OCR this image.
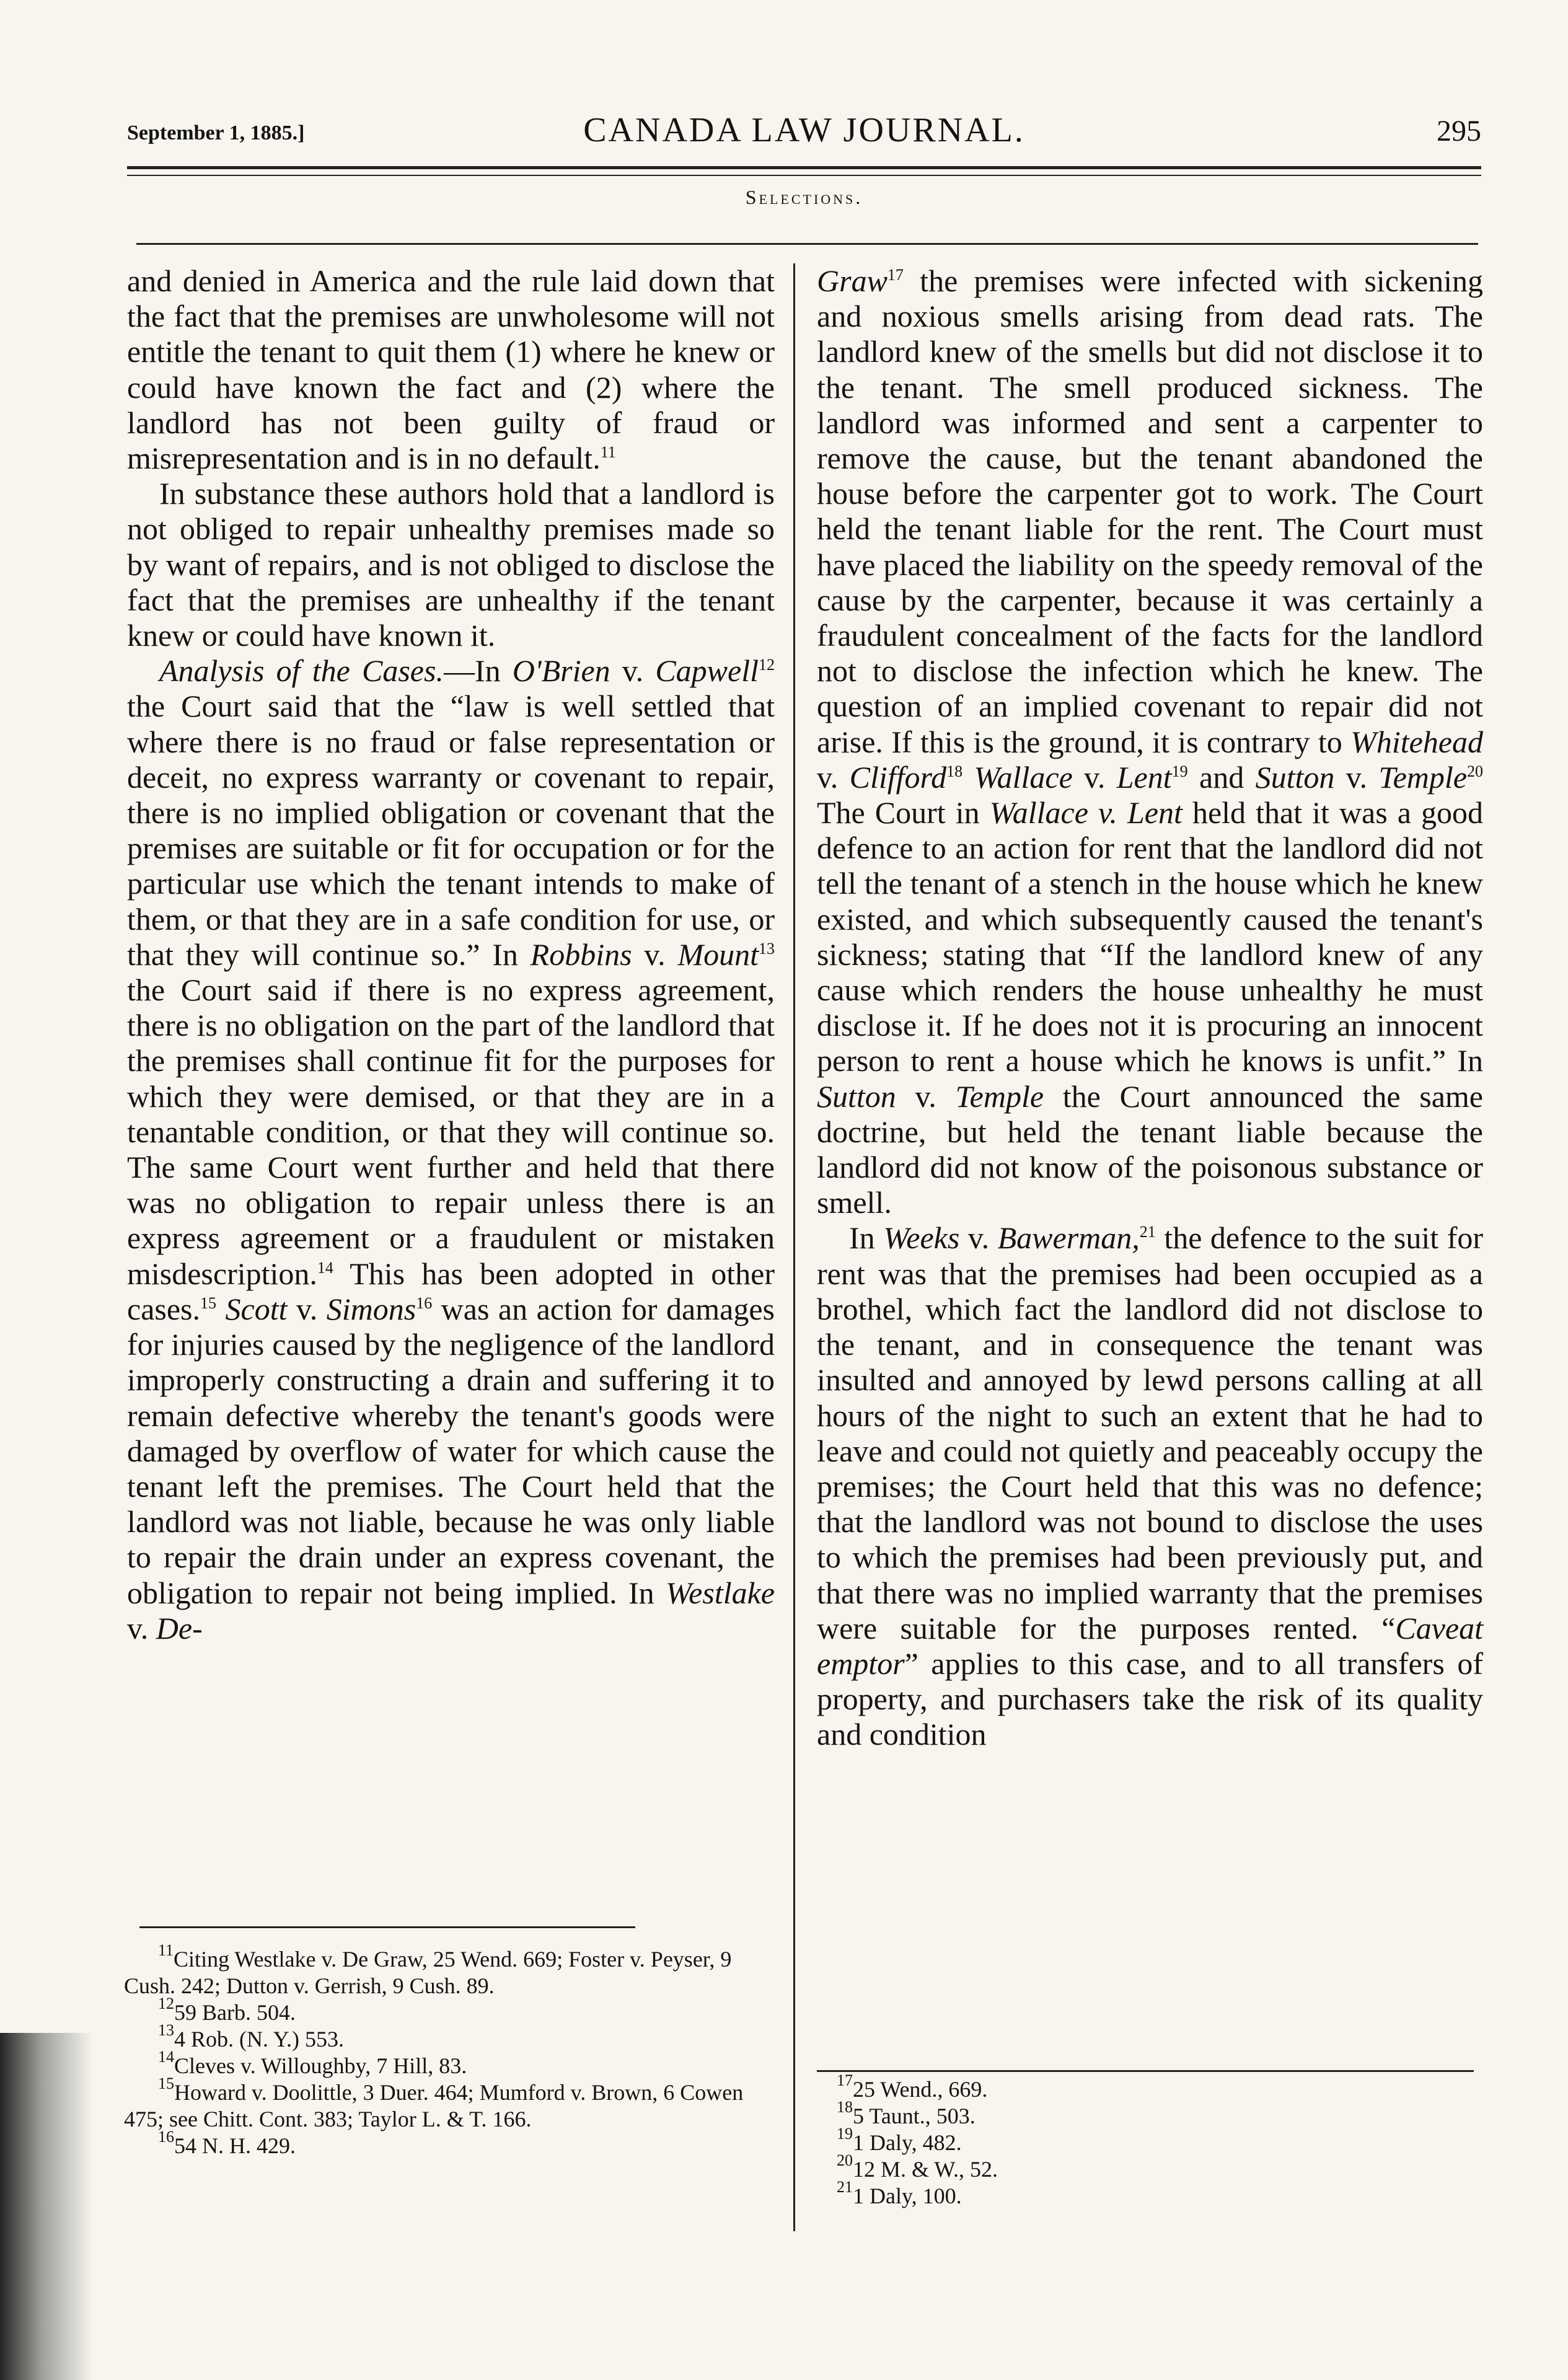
September 1, 1885.]	CANADA LAW JOURNAL.	295
Selections.

and denied in America and the rule laid down that the fact that the premises are unwholesome will not entitle the tenant to quit them (1) where he knew or could have known the fact and (2) where the landlord has not been guilty of fraud or misrepresentation and is in no default.$^{11}$

In substance these authors hold that a landlord is not obliged to repair unhealthy premises made so by want of repairs, and is not obliged to disclose the fact that the premises are unhealthy if the tenant knew or could have known it.

Analysis of the Cases.—In O'Brien v. Capwell$^{12}$ the Court said that the “law is well settled that where there is no fraud or false representation or deceit, no express warranty or covenant to repair, there is no implied obligation or covenant that the premises are suitable or fit for occupation or for the particular use which the tenant intends to make of them, or that they are in a safe condition for use, or that they will continue so.” In Robbins v. Mount$^{13}$ the Court said if there is no express agreement, there is no obligation on the part of the landlord that the premises shall continue fit for the purposes for which they were demised, or that they are in a tenantable condition, or that they will continue so. The same Court went further and held that there was no obligation to repair unless there is an express agreement or a fraudulent or mistaken misdescription.$^{14}$ This has been adopted in other cases.$^{15}$ Scott v. Simons$^{16}$ was an action for damages for injuries caused by the negligence of the landlord improperly constructing a drain and suffering it to remain defective whereby the tenant's goods were damaged by overflow of water for which cause the tenant left the premises. The Court held that the landlord was not liable, because he was only liable to repair the drain under an express covenant, the obligation to repair not being implied. In Westlake v. De-

Graw$^{17}$ the premises were infected with sickening and noxious smells arising from dead rats. The landlord knew of the smells but did not disclose it to the tenant. The smell produced sickness. The landlord was informed and sent a carpenter to remove the cause, but the tenant abandoned the house before the carpenter got to work. The Court held the tenant liable for the rent. The Court must have placed the liability on the speedy removal of the cause by the carpenter, because it was certainly a fraudulent concealment of the facts for the landlord not to disclose the infection which he knew. The question of an implied covenant to repair did not arise. If this is the ground, it is contrary to Whitehead v. Clifford$^{18}$ Wallace v. Lent$^{19}$ and Sutton v. Temple$^{20}$ The Court in Wallace v. Lent held that it was a good defence to an action for rent that the landlord did not tell the tenant of a stench in the house which he knew existed, and which subsequently caused the tenant's sickness; stating that “If the landlord knew of any cause which renders the house unhealthy he must disclose it. If he does not it is procuring an innocent person to rent a house which he knows is unfit.” In Sutton v. Temple the Court announced the same doctrine, but held the tenant liable because the landlord did not know of the poisonous substance or smell.

In Weeks v. Bawerman,$^{21}$ the defence to the suit for rent was that the premises had been occupied as a brothel, which fact the landlord did not disclose to the tenant, and in consequence the tenant was insulted and annoyed by lewd persons calling at all hours of the night to such an extent that he had to leave and could not quietly and peaceably occupy the premises; the Court held that this was no defence; that the landlord was not bound to disclose the uses to which the premises had been previously put, and that there was no implied warranty that the premises were suitable for the purposes rented. “Caveat emptor” applies to this case, and to all transfers of property, and purchasers take the risk of its quality and condition

$^{11}$Citing Westlake v. De Graw, 25 Wend. 669; Foster v. Peyser, 9 Cush. 242; Dutton v. Gerrish, 9 Cush. 89.

$^{12}$59 Barb. 504.

$^{13}$4 Rob. (N. Y.) 553.

$^{14}$Cleves v. Willoughby, 7 Hill, 83.

$^{15}$Howard v. Doolittle, 3 Duer. 464; Mumford v. Brown, 6 Cowen 475; see Chitt. Cont. 383; Taylor L. & T. 166.

$^{16}$54 N. H. 429.

$^{17}$25 Wend., 669.

$^{18}$5 Taunt., 503.

$^{19}$1 Daly, 482.

$^{20}$12 M. & W., 52.

$^{21}$1 Daly, 100.
